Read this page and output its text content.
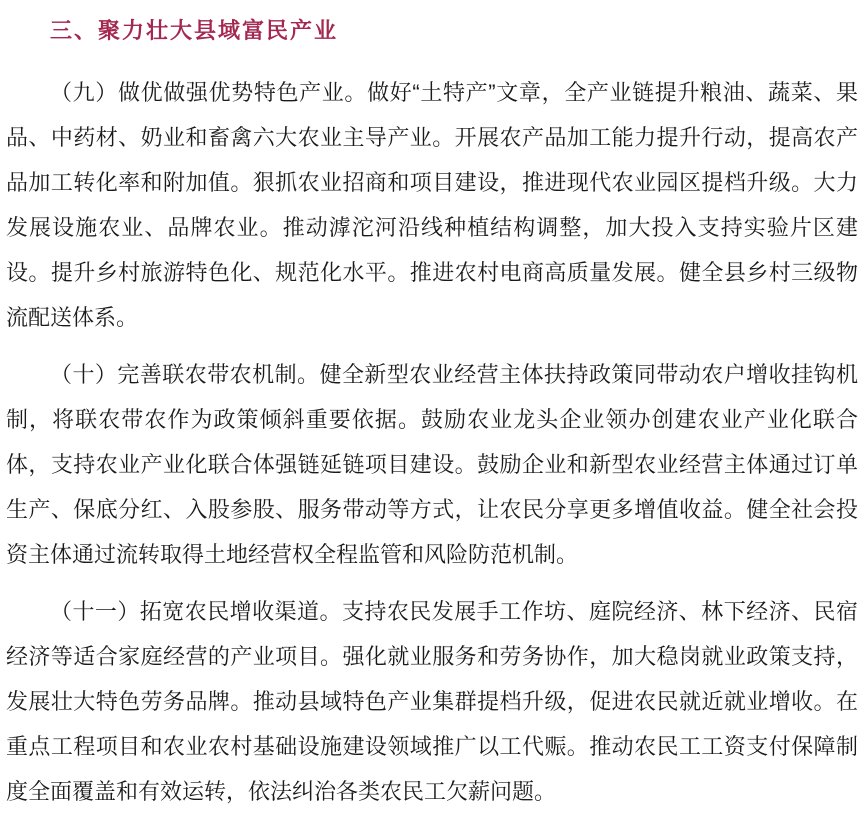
三、聚力壮大县域富民产业

（九）做优做强优势特色产业。做好“土特产”文章，全产业链提升粮油、蔬菜、果品、中药材、奶业和畜禽六大农业主导产业。开展农产品加工能力提升行动，提高农产品加工转化率和附加值。狠抓农业招商和项目建设，推进现代农业园区提档升级。大力发展设施农业、品牌农业。推动滹沱河沿线种植结构调整，加大投入支持实验片区建设。提升乡村旅游特色化、规范化水平。推进农村电商高质量发展。健全县乡村三级物流配送体系。

（十）完善联农带农机制。健全新型农业经营主体扶持政策同带动农户增收挂钩机制，将联农带农作为政策倾斜重要依据。鼓励农业龙头企业领办创建农业产业化联合体，支持农业产业化联合体强链延链项目建设。鼓励企业和新型农业经营主体通过订单生产、保底分红、入股参股、服务带动等方式，让农民分享更多增值收益。健全社会投资主体通过流转取得土地经营权全程监管和风险防范机制。

（十一）拓宽农民增收渠道。支持农民发展手工作坊、庭院经济、林下经济、民宿经济等适合家庭经营的产业项目。强化就业服务和劳务协作，加大稳岗就业政策支持，发展壮大特色劳务品牌。推动县域特色产业集群提档升级，促进农民就近就业增收。在重点工程项目和农业农村基础设施建设领域推广以工代赈。推动农民工工资支付保障制度全面覆盖和有效运转，依法纠治各类农民工欠薪问题。
